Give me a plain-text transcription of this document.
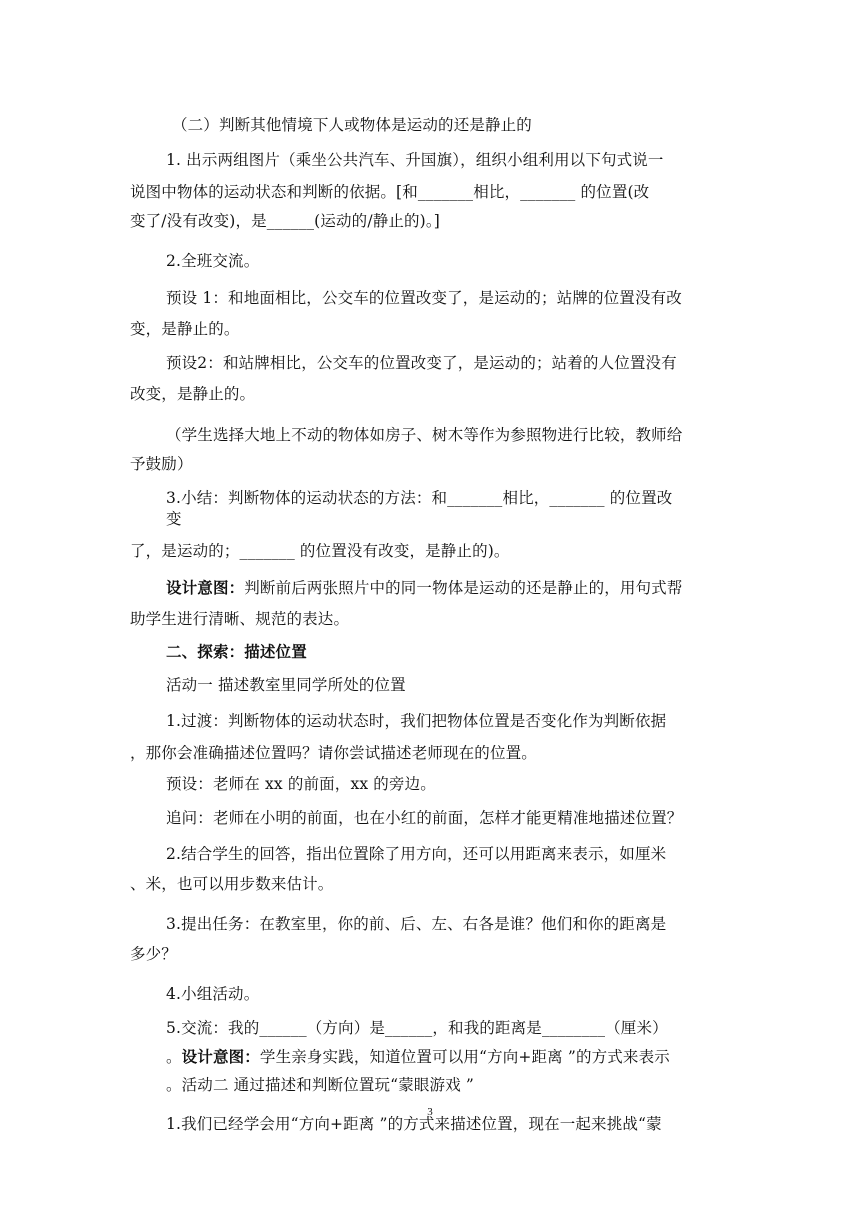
（二）判断其他情境下人或物体是运动的还是静止的
1. 出示两组图片（乘坐公共汽车、升国旗），组织小组利用以下句式说一
说图中物体的运动状态和判断的依据。[和_______相比，_______ 的位置(改
变了/没有改变)，是______(运动的/静止的)。]
2.全班交流。
预设 1：和地面相比，公交车的位置改变了，是运动的；站牌的位置没有改
变，是静止的。
预设2：和站牌相比，公交车的位置改变了，是运动的；站着的人位置没有
改变，是静止的。
（学生选择大地上不动的物体如房子、树木等作为参照物进行比较，教师给
予鼓励）
3.小结：判断物体的运动状态的方法：和_______相比，_______ 的位置改
变
了，是运动的；_______ 的位置没有改变，是静止的)。
设计意图：判断前后两张照片中的同一物体是运动的还是静止的，用句式帮
助学生进行清晰、规范的表达。
二、探索：描述位置
活动一 描述教室里同学所处的位置
1.过渡：判断物体的运动状态时，我们把物体位置是否变化作为判断依据
，那你会准确描述位置吗？请你尝试描述老师现在的位置。
预设：老师在 xx 的前面，xx 的旁边。
追问：老师在小明的前面，也在小红的前面，怎样才能更精准地描述位置？
2.结合学生的回答，指出位置除了用方向，还可以用距离来表示，如厘米
、米，也可以用步数来估计。
3.提出任务：在教室里，你的前、后、左、右各是谁？他们和你的距离是
多少？
4.小组活动。
5.交流：我的______（方向）是______，和我的距离是________（厘米）
。设计意图：学生亲身实践，知道位置可以用“方向+距离 ”的方式来表示
。活动二 通过描述和判断位置玩“蒙眼游戏 ”
1.我们已经学会用“方向+距离 ”的方式来描述位置，现在一起来挑战“蒙
3
